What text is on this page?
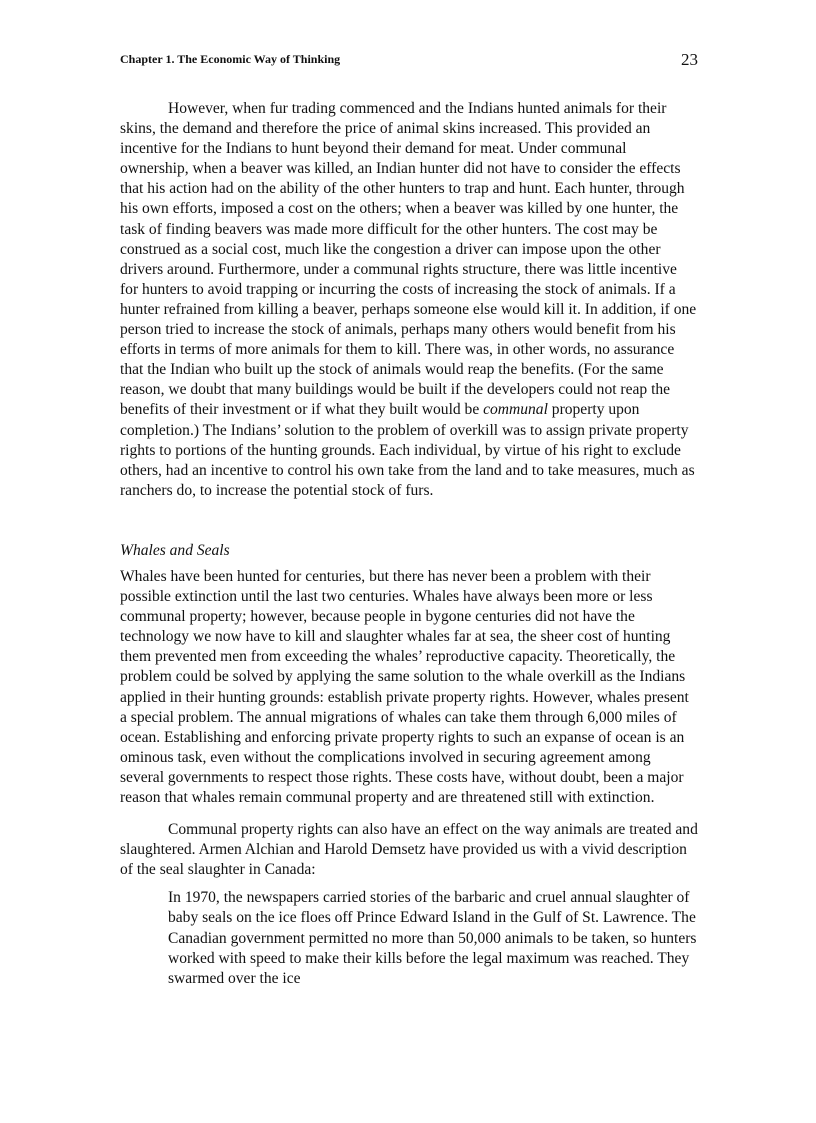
Chapter 1. The Economic Way of Thinking	23

However, when fur trading commenced and the Indians hunted animals for their skins, the demand and therefore the price of animal skins increased. This provided an incentive for the Indians to hunt beyond their demand for meat. Under communal ownership, when a beaver was killed, an Indian hunter did not have to consider the effects that his action had on the ability of the other hunters to trap and hunt. Each hunter, through his own efforts, imposed a cost on the others; when a beaver was killed by one hunter, the task of finding beavers was made more difficult for the other hunters. The cost may be construed as a social cost, much like the congestion a driver can impose upon the other drivers around. Furthermore, under a communal rights structure, there was little incentive for hunters to avoid trapping or incurring the costs of increasing the stock of animals. If a hunter refrained from killing a beaver, perhaps someone else would kill it. In addition, if one person tried to increase the stock of animals, perhaps many others would benefit from his efforts in terms of more animals for them to kill. There was, in other words, no assurance that the Indian who built up the stock of animals would reap the benefits. (For the same reason, we doubt that many buildings would be built if the developers could not reap the benefits of their investment or if what they built would be communal property upon completion.) The Indians’ solution to the problem of overkill was to assign private property rights to portions of the hunting grounds. Each individual, by virtue of his right to exclude others, had an incentive to control his own take from the land and to take measures, much as ranchers do, to increase the potential stock of furs.

Whales and Seals

Whales have been hunted for centuries, but there has never been a problem with their possible extinction until the last two centuries. Whales have always been more or less communal property; however, because people in bygone centuries did not have the technology we now have to kill and slaughter whales far at sea, the sheer cost of hunting them prevented men from exceeding the whales’ reproductive capacity. Theoretically, the problem could be solved by applying the same solution to the whale overkill as the Indians applied in their hunting grounds: establish private property rights. However, whales present a special problem. The annual migrations of whales can take them through 6,000 miles of ocean. Establishing and enforcing private property rights to such an expanse of ocean is an ominous task, even without the complications involved in securing agreement among several governments to respect those rights. These costs have, without doubt, been a major reason that whales remain communal property and are threatened still with extinction.

Communal property rights can also have an effect on the way animals are treated and slaughtered. Armen Alchian and Harold Demsetz have provided us with a vivid description of the seal slaughter in Canada:

In 1970, the newspapers carried stories of the barbaric and cruel annual slaughter of baby seals on the ice floes off Prince Edward Island in the Gulf of St. Lawrence. The Canadian government permitted no more than 50,000 animals to be taken, so hunters worked with speed to make their kills before the legal maximum was reached. They swarmed over the ice
